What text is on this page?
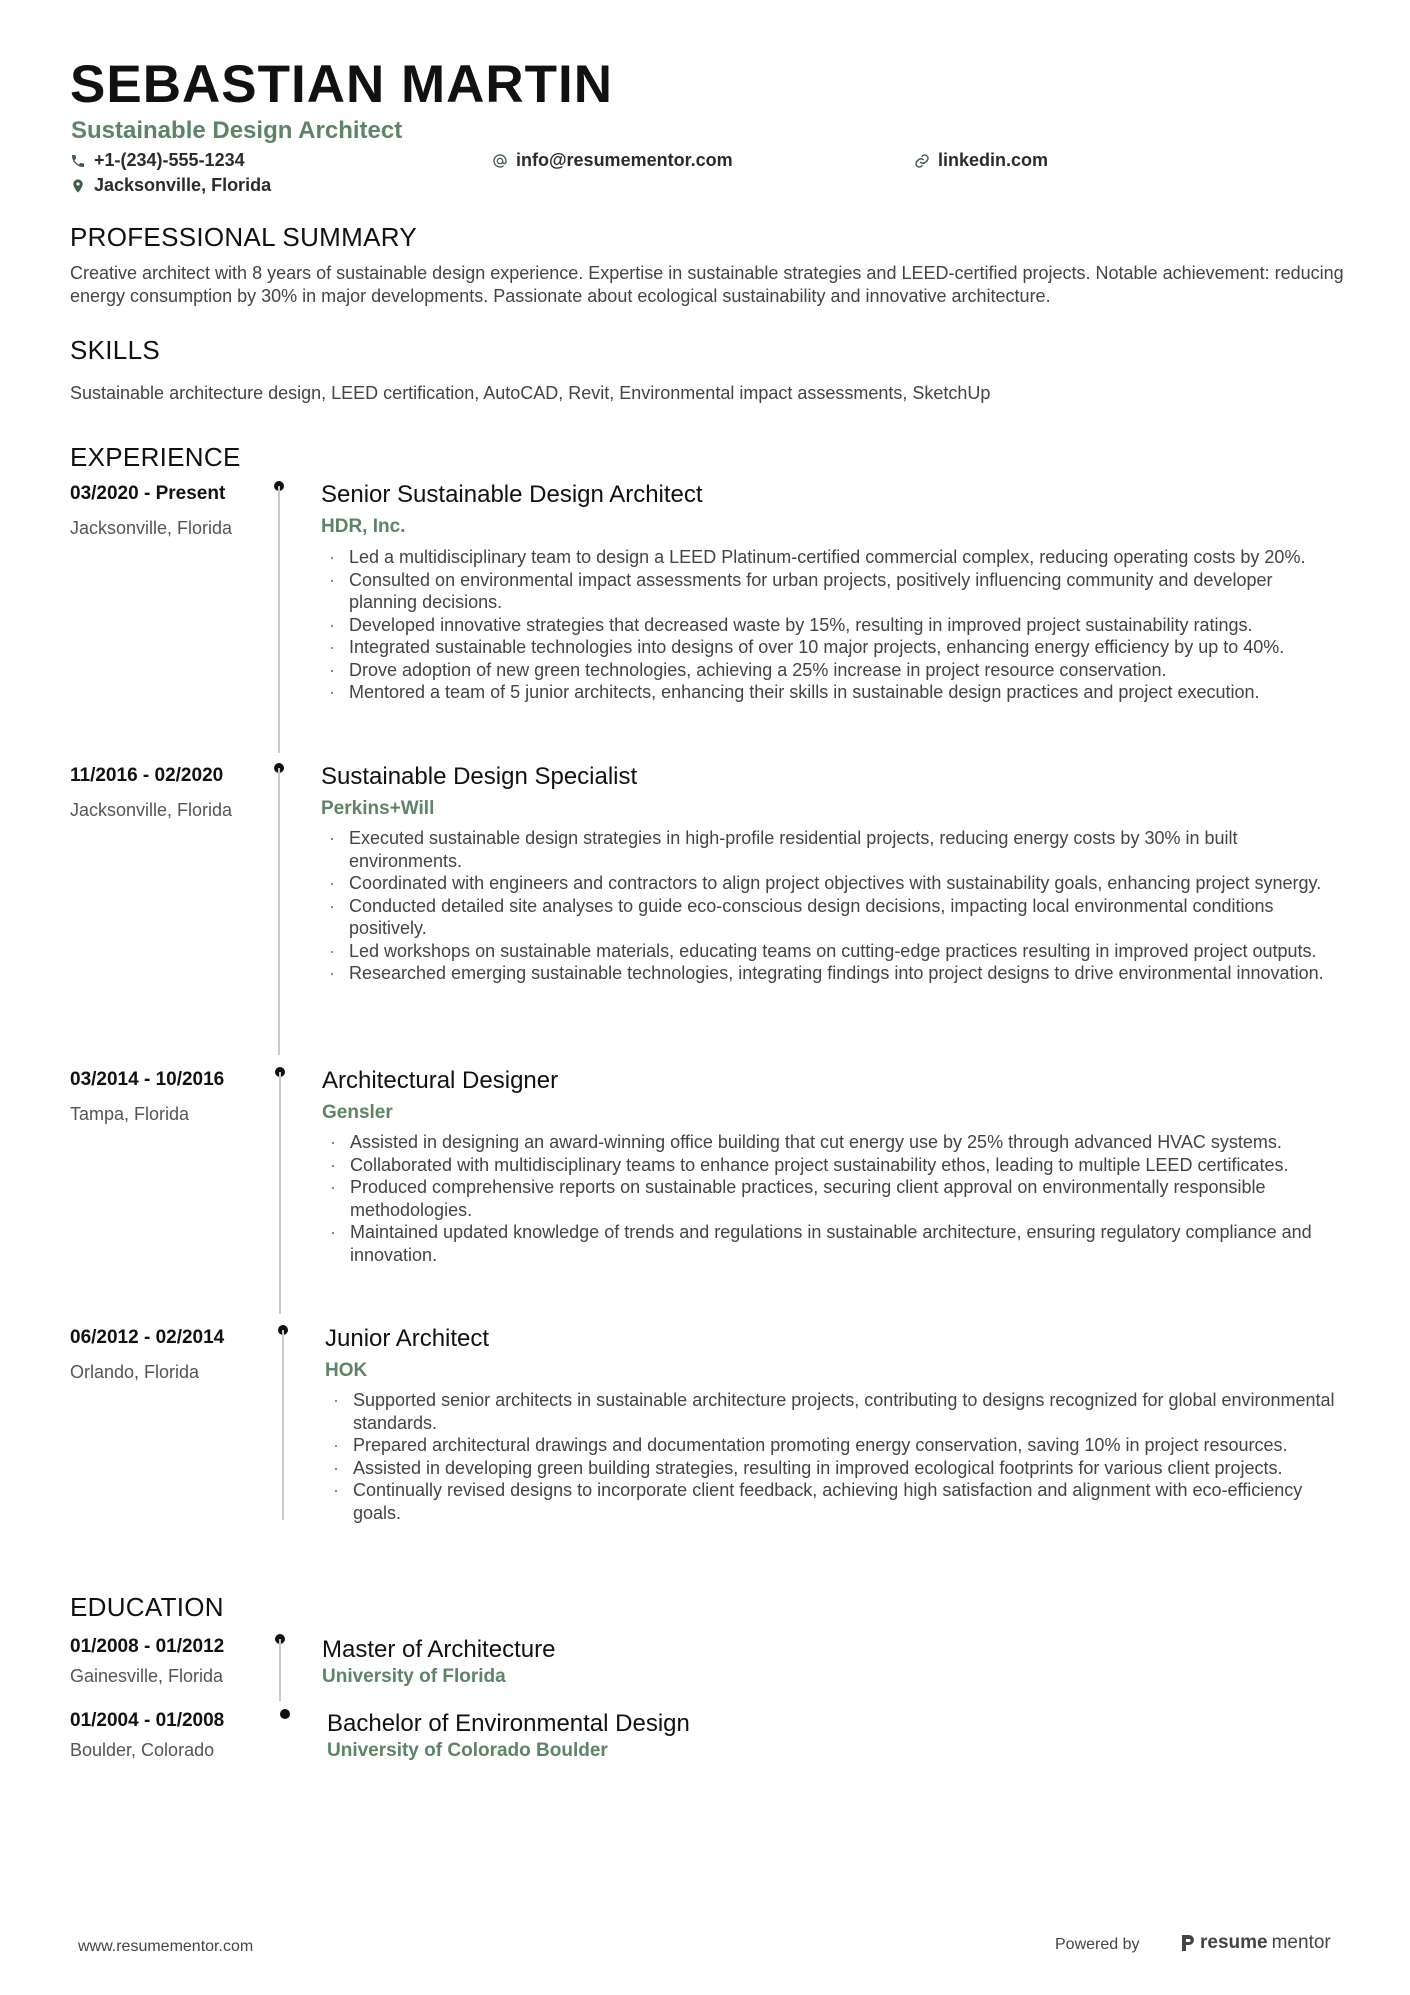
SEBASTIAN MARTIN
Sustainable Design Architect
+1-(234)-555-1234	info@resumementor.com	linkedin.com
Jacksonville, Florida
PROFESSIONAL SUMMARY
Creative architect with 8 years of sustainable design experience. Expertise in sustainable strategies and LEED-certified projects. Notable achievement: reducing energy consumption by 30% in major developments. Passionate about ecological sustainability and innovative architecture.
SKILLS
Sustainable architecture design, LEED certification, AutoCAD, Revit, Environmental impact assessments, SketchUp
EXPERIENCE
03/2020 - Present
Jacksonville, Florida
Senior Sustainable Design Architect
HDR, Inc.
· Led a multidisciplinary team to design a LEED Platinum-certified commercial complex, reducing operating costs by 20%.
· Consulted on environmental impact assessments for urban projects, positively influencing community and developer planning decisions.
· Developed innovative strategies that decreased waste by 15%, resulting in improved project sustainability ratings.
· Integrated sustainable technologies into designs of over 10 major projects, enhancing energy efficiency by up to 40%.
· Drove adoption of new green technologies, achieving a 25% increase in project resource conservation.
· Mentored a team of 5 junior architects, enhancing their skills in sustainable design practices and project execution.
11/2016 - 02/2020
Jacksonville, Florida
Sustainable Design Specialist
Perkins+Will
· Executed sustainable design strategies in high-profile residential projects, reducing energy costs by 30% in built environments.
· Coordinated with engineers and contractors to align project objectives with sustainability goals, enhancing project synergy.
· Conducted detailed site analyses to guide eco-conscious design decisions, impacting local environmental conditions positively.
· Led workshops on sustainable materials, educating teams on cutting-edge practices resulting in improved project outputs.
· Researched emerging sustainable technologies, integrating findings into project designs to drive environmental innovation.
03/2014 - 10/2016
Tampa, Florida
Architectural Designer
Gensler
· Assisted in designing an award-winning office building that cut energy use by 25% through advanced HVAC systems.
· Collaborated with multidisciplinary teams to enhance project sustainability ethos, leading to multiple LEED certificates.
· Produced comprehensive reports on sustainable practices, securing client approval on environmentally responsible methodologies.
· Maintained updated knowledge of trends and regulations in sustainable architecture, ensuring regulatory compliance and innovation.
06/2012 - 02/2014
Orlando, Florida
Junior Architect
HOK
· Supported senior architects in sustainable architecture projects, contributing to designs recognized for global environmental standards.
· Prepared architectural drawings and documentation promoting energy conservation, saving 10% in project resources.
· Assisted in developing green building strategies, resulting in improved ecological footprints for various client projects.
· Continually revised designs to incorporate client feedback, achieving high satisfaction and alignment with eco-efficiency goals.
EDUCATION
01/2008 - 01/2012
Gainesville, Florida
Master of Architecture
University of Florida
01/2004 - 01/2008
Boulder, Colorado
Bachelor of Environmental Design
University of Colorado Boulder
www.resumementor.com	Powered by	resume mentor
